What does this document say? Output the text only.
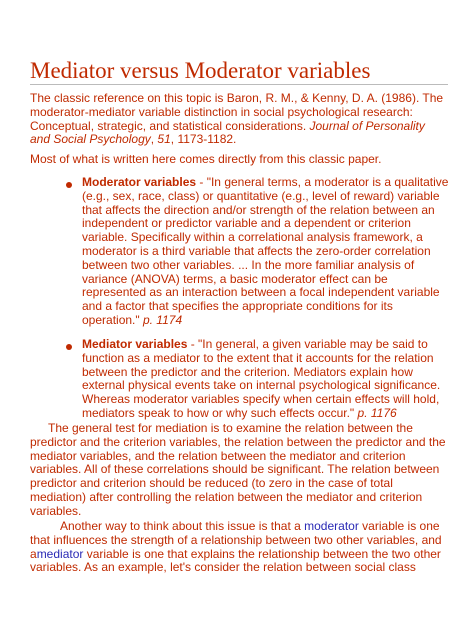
Mediator versus Moderator variables

The classic reference on this topic is Baron, R. M., & Kenny, D. A. (1986). The moderator-mediator variable distinction in social psychological research: Conceptual, strategic, and statistical considerations. Journal of Personality and Social Psychology, 51, 1173-1182.

Most of what is written here comes directly from this classic paper.

Moderator variables - "In general terms, a moderator is a qualitative (e.g., sex, race, class) or quantitative (e.g., level of reward) variable that affects the direction and/or strength of the relation between an independent or predictor variable and a dependent or criterion variable. Specifically within a correlational analysis framework, a moderator is a third variable that affects the zero-order correlation between two other variables. ... In the more familiar analysis of variance (ANOVA) terms, a basic moderator effect can be represented as an interaction between a focal independent variable and a factor that specifies the appropriate conditions for its operation." p. 1174

Mediator variables - "In general, a given variable may be said to function as a mediator to the extent that it accounts for the relation between the predictor and the criterion. Mediators explain how external physical events take on internal psychological significance. Whereas moderator variables specify when certain effects will hold, mediators speak to how or why such effects occur." p. 1176

The general test for mediation is to examine the relation between the predictor and the criterion variables, the relation between the predictor and the mediator variables, and the relation between the mediator and criterion variables. All of these correlations should be significant. The relation between predictor and criterion should be reduced (to zero in the case of total mediation) after controlling the relation between the mediator and criterion variables.

Another way to think about this issue is that a moderator variable is one that influences the strength of a relationship between two other variables, and amediator variable is one that explains the relationship between the two other variables. As an example, let's consider the relation between social class
